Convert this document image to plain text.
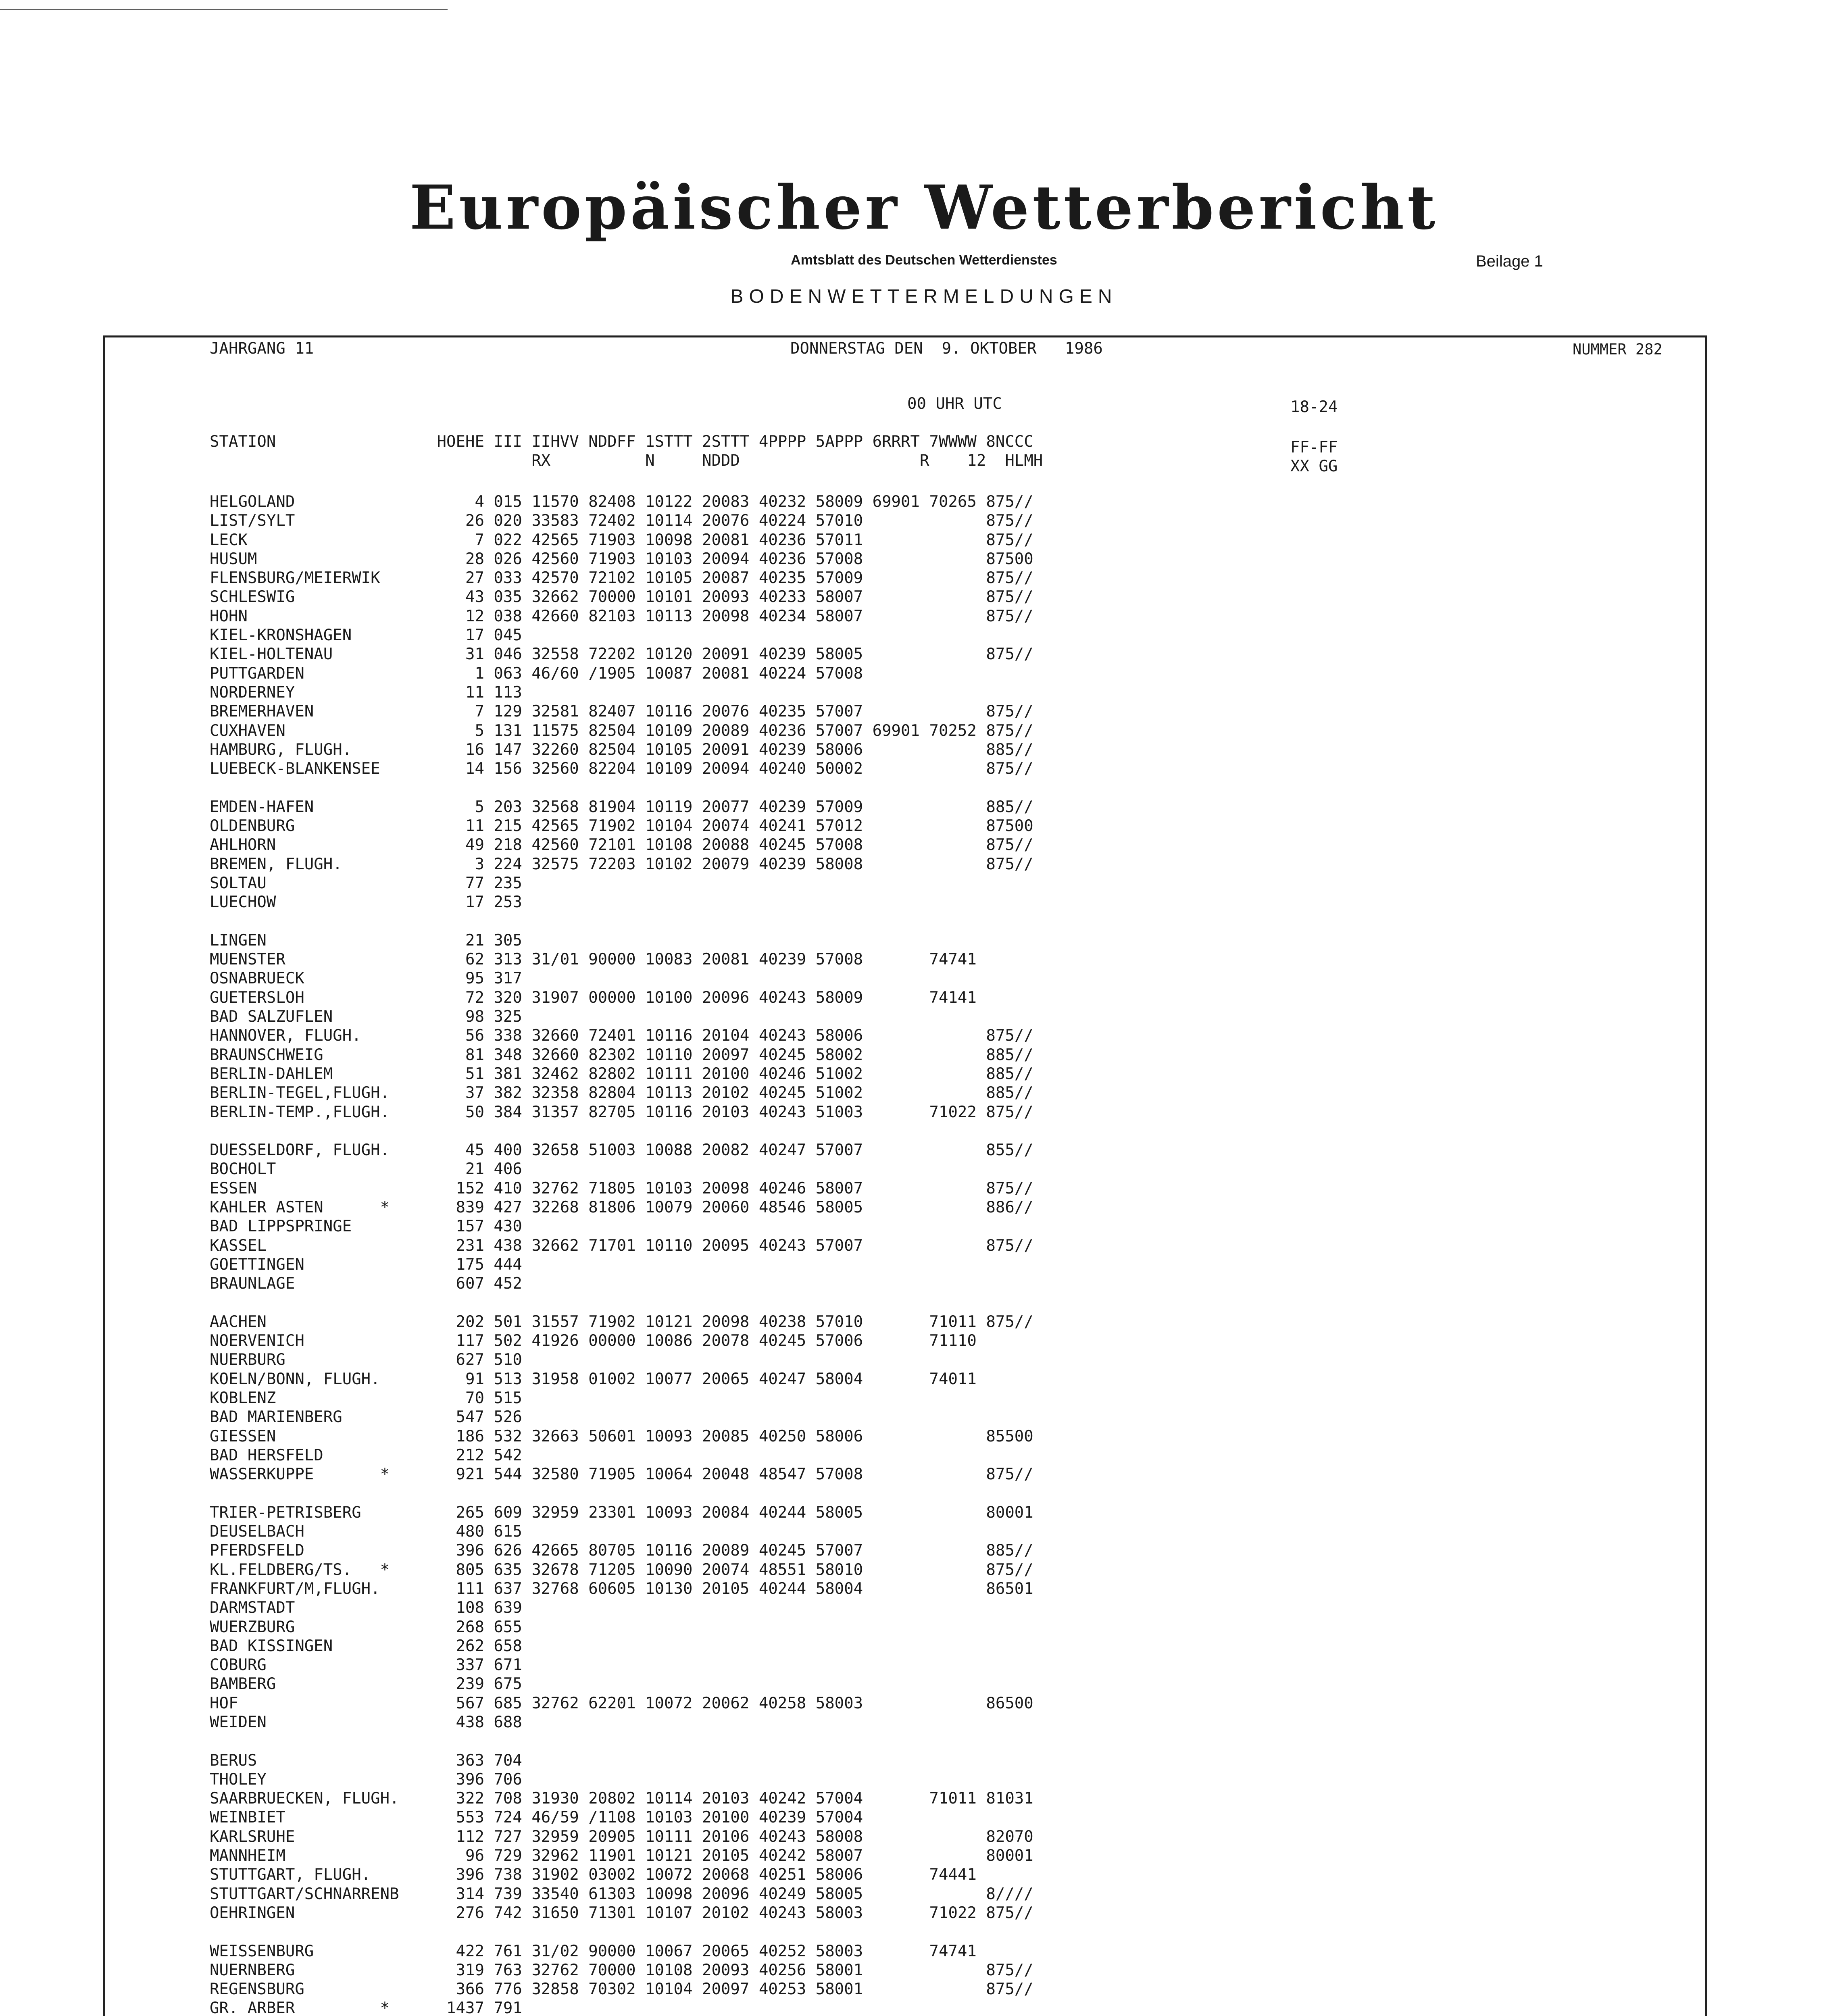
Europäischer Wetterbericht
Amtsblatt des Deutschen Wetterdienstes	Beilage 1
BODENWETTERMELDUNGEN
JAHRGANG 11	DONNERSTAG DEN  9. OKTOBER   1986	NUMMER 282
00 UHR UTC	18-24
STATION                 HOEHE III IIHVV NDDFF 1STTT 2STTT 4PPPP 5APPP 6RRRT 7WWWW 8NCCC
RX          N     NDDD                   R    12  HLMH
FF-FF
XX GG
HELGOLAND                   4 015 11570 82408 10122 20083 40232 58009 69901 70265 875//
LIST/SYLT                  26 020 33583 72402 10114 20076 40224 57010             875//
LECK                        7 022 42565 71903 10098 20081 40236 57011             875//
HUSUM                      28 026 42560 71903 10103 20094 40236 57008             87500
FLENSBURG/MEIERWIK         27 033 42570 72102 10105 20087 40235 57009             875//
SCHLESWIG                  43 035 32662 70000 10101 20093 40233 58007             875//
HOHN                       12 038 42660 82103 10113 20098 40234 58007             875//
KIEL-KRONSHAGEN            17 045
KIEL-HOLTENAU              31 046 32558 72202 10120 20091 40239 58005             875//
PUTTGARDEN                  1 063 46/60 /1905 10087 20081 40224 57008
NORDERNEY                  11 113
BREMERHAVEN                 7 129 32581 82407 10116 20076 40235 57007             875//
CUXHAVEN                    5 131 11575 82504 10109 20089 40236 57007 69901 70252 875//
HAMBURG, FLUGH.            16 147 32260 82504 10105 20091 40239 58006             885//
LUEBECK-BLANKENSEE         14 156 32560 82204 10109 20094 40240 50002             875//

EMDEN-HAFEN                 5 203 32568 81904 10119 20077 40239 57009             885//
OLDENBURG                  11 215 42565 71902 10104 20074 40241 57012             87500
AHLHORN                    49 218 42560 72101 10108 20088 40245 57008             875//
BREMEN, FLUGH.              3 224 32575 72203 10102 20079 40239 58008             875//
SOLTAU                     77 235
LUECHOW                    17 253

LINGEN                     21 305
MUENSTER                   62 313 31/01 90000 10083 20081 40239 57008       74741
OSNABRUECK                 95 317
GUETERSLOH                 72 320 31907 00000 10100 20096 40243 58009       74141
BAD SALZUFLEN              98 325
HANNOVER, FLUGH.           56 338 32660 72401 10116 20104 40243 58006             875//
BRAUNSCHWEIG               81 348 32660 82302 10110 20097 40245 58002             885//
BERLIN-DAHLEM              51 381 32462 82802 10111 20100 40246 51002             885//
BERLIN-TEGEL,FLUGH.        37 382 32358 82804 10113 20102 40245 51002             885//
BERLIN-TEMP.,FLUGH.        50 384 31357 82705 10116 20103 40243 51003       71022 875//

DUESSELDORF, FLUGH.        45 400 32658 51003 10088 20082 40247 57007             855//
BOCHOLT                    21 406
ESSEN                     152 410 32762 71805 10103 20098 40246 58007             875//
KAHLER ASTEN      *       839 427 32268 81806 10079 20060 48546 58005             886//
BAD LIPPSPRINGE           157 430
KASSEL                    231 438 32662 71701 10110 20095 40243 57007             875//
GOETTINGEN                175 444
BRAUNLAGE                 607 452

AACHEN                    202 501 31557 71902 10121 20098 40238 57010       71011 875//
NOERVENICH                117 502 41926 00000 10086 20078 40245 57006       71110
NUERBURG                  627 510
KOELN/BONN, FLUGH.         91 513 31958 01002 10077 20065 40247 58004       74011
KOBLENZ                    70 515
BAD MARIENBERG            547 526
GIESSEN                   186 532 32663 50601 10093 20085 40250 58006             85500
BAD HERSFELD              212 542
WASSERKUPPE       *       921 544 32580 71905 10064 20048 48547 57008             875//

TRIER-PETRISBERG          265 609 32959 23301 10093 20084 40244 58005             80001
DEUSELBACH                480 615
PFERDSFELD                396 626 42665 80705 10116 20089 40245 57007             885//
KL.FELDBERG/TS.   *       805 635 32678 71205 10090 20074 48551 58010             875//
FRANKFURT/M,FLUGH.        111 637 32768 60605 10130 20105 40244 58004             86501
DARMSTADT                 108 639
WUERZBURG                 268 655
BAD KISSINGEN             262 658
COBURG                    337 671
BAMBERG                   239 675
HOF                       567 685 32762 62201 10072 20062 40258 58003             86500
WEIDEN                    438 688

BERUS                     363 704
THOLEY                    396 706
SAARBRUECKEN, FLUGH.      322 708 31930 20802 10114 20103 40242 57004       71011 81031
WEINBIET                  553 724 46/59 /1108 10103 20100 40239 57004
KARLSRUHE                 112 727 32959 20905 10111 20106 40243 58008             82070
MANNHEIM                   96 729 32962 11901 10121 20105 40242 58007             80001
STUTTGART, FLUGH.         396 738 31902 03002 10072 20068 40251 58006       74441
STUTTGART/SCHNARRENB      314 739 33540 61303 10098 20096 40249 58005             8////
OEHRINGEN                 276 742 31650 71301 10107 20102 40243 58003       71022 875//

WEISSENBURG               422 761 31/02 90000 10067 20065 40252 58003       74741
NUERNBERG                 319 763 32762 70000 10108 20093 40256 58001             875//
REGENSBURG                366 776 32858 70302 10104 20097 40253 58001             875//
GR. ARBER         *      1437 791
